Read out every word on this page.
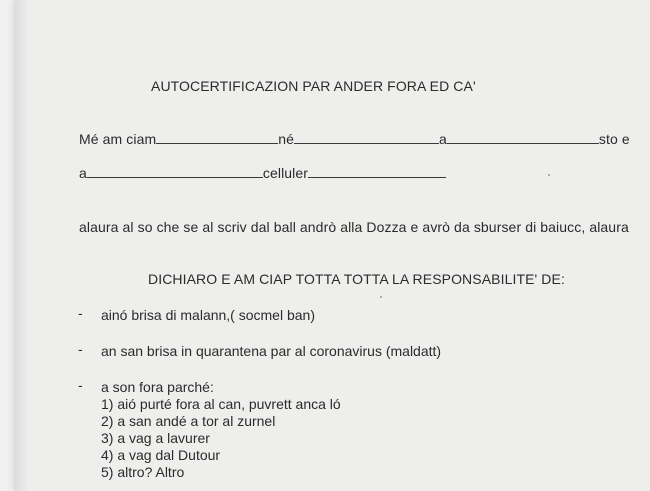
AUTOCERTIFICAZION PAR ANDER FORA ED CA'
Mé am ciam	né	a	sto e
a	celluler
alaura al so che se al scriv dal ball andrò alla Dozza e avrò da sburser di baiucc, alaura
DICHIARO E AM CIAP TOTTA TOTTA LA RESPONSABILITE' DE:
- ainó brisa di malann,( socmel ban)
- an san brisa in quarantena par al coronavirus (maldatt)
- a son fora parché:
1) aió purté fora al can, puvrett anca ló
2) a san andé a tor al zurnel
3) a vag a lavurer
4) a vag dal Dutour
5) altro? Altro
